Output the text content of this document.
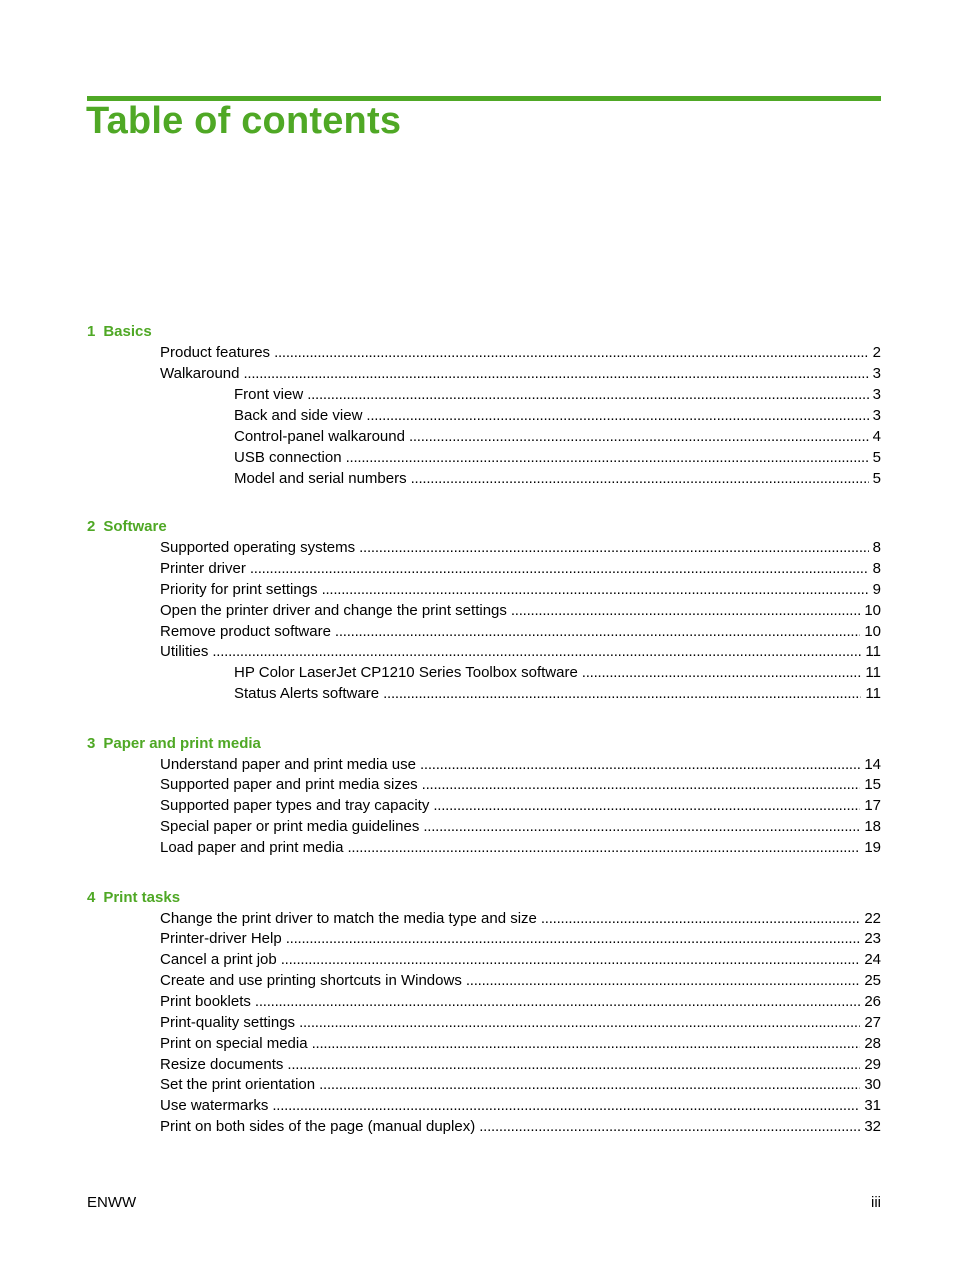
Table of contents
1 Basics
Product features . . .	2
Walkaround . . .	3
Front view . . .	3
Back and side view . . .	3
Control-panel walkaround . . .	4
USB connection . . .	5
Model and serial numbers . . .	5
2 Software
Supported operating systems . . .	8
Printer driver . . .	8
Priority for print settings . . .	9
Open the printer driver and change the print settings . . .	10
Remove product software . . .	10
Utilities . . .	11
HP Color LaserJet CP1210 Series Toolbox software . . .	11
Status Alerts software . . .	11
3 Paper and print media
Understand paper and print media use . . .	14
Supported paper and print media sizes . . .	15
Supported paper types and tray capacity . . .	17
Special paper or print media guidelines . . .	18
Load paper and print media . . .	19
4 Print tasks
Change the print driver to match the media type and size . . .	22
Printer-driver Help . . .	23
Cancel a print job . . .	24
Create and use printing shortcuts in Windows . . .	25
Print booklets . . .	26
Print-quality settings . . .	27
Print on special media . . .	28
Resize documents . . .	29
Set the print orientation . . .	30
Use watermarks . . .	31
Print on both sides of the page (manual duplex) . . .	32
ENWW	iii
